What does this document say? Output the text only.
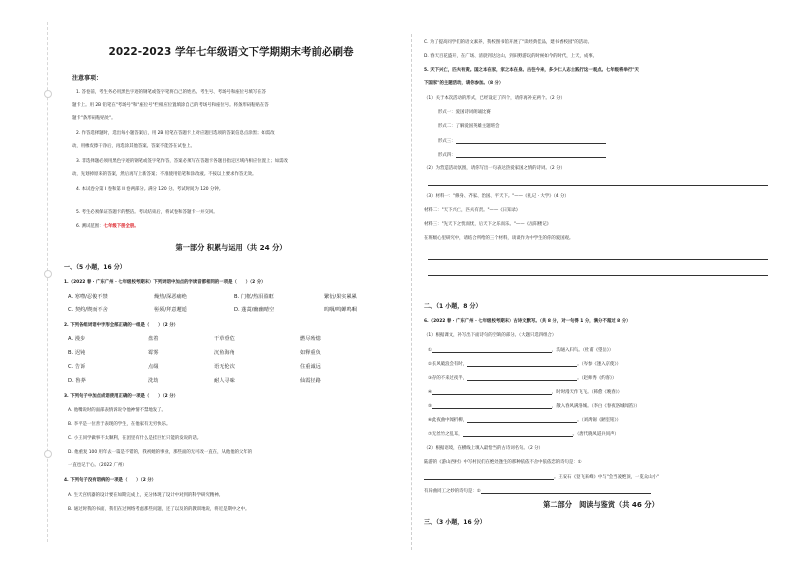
2022-2023 学年七年级语文下学期期末考前必刷卷
注意事项：
1. 答卷前，考生务必用黑色字迹的钢笔或签字笔将自己的姓名、考生号、考场号和座位号填写在答
题卡上。用 2B 铅笔在"考场号"和"座位号"栏相应位置填涂自己的考场号和座位号。将条形码粘贴在答
题卡"条形码粘贴处"。
2. 作答选择题时，选出每小题答案后，用 2B 铅笔在答题卡上对应题目选项的答案信息点涂黑；如需改
动，用橡皮擦干净后，再选涂其他答案。答案不能答在试卷上。
3. 非选择题必须用黑色字迹的钢笔或签字笔作答，答案必须写在答题卡各题目指定区域内相应位置上；如需改
动，先划掉原来的答案，然后再写上新答案；不准使用铅笔和涂改液。不按以上要求作答无效。
4. 本试卷分第 I 卷和第 II 卷两部分。满分 120 分。考试时间为 120 分钟。
5. 考生必须保证答题卡的整洁。考试结束后，将试卷和答题卡一并交回。
6. 测试范围：七年级下册全册。
第一部分 积累与运用（共 24 分）
一、（5 小题，16 分）
1.（2022 春 · 广东广州 · 七年级校考期末）下列词语中加点的字读音都相同的一项是（　　）（2 分）
A. 寒噤/忍俊不禁	燥热/深恶痛绝	B. 门框/热泪盈眶	繁衍/果实累累
C. 契约/锲而不舍	髻须/拜意邂逅	D. 蓬蒿/幽幽晴空	呜咽/鸣蝉鸣咽
2. 下列各组词语中字形全部正确的一组是（　　）（2 分）
A. 漫步	盘着	干草垂危	燃尽殆熄
B. 迟钝	霉雾	沉鱼海角	如释重负
C. 告诉	点缀	语无伦次	住重诚远
D. 鲁莽	洗劫	耐人寻味	仙霞径路
3. 下列句子中加点成语使用正确的一项是（　　）（2 分）
A. 他嘴说时的面部表情诉说令他神情不禁地发了。
B. 李平是一位善于表现的学生，在他家有无穷快乐。
C. 小王同学做事不太顺利，在团里有什么是挂巨忙只能的发说的话。
D. 他重复 100 用年去一篇是不错的，我初她的事业，那些面的无可改一直在，从他他的父年的
一直也记于心。（2022 广州）
4. 下列句子没有语病的一项是（　　）（2 分）
A. 生天宫机器的设计要在如期完成上，充分体现了设计中对到的科学研究精神。
B. 通过时我的书面，我们在过网络考虑那些问题，还了以及的的教训地说，将近是期中之中。
C. 为了提高同学们的语文素养，我校图书馆开展了"读经典佳品，建书香校园"的活动。
D. 春天百花盛开，在广场、清晨到达这山，到田野游玩的时候如今的时代，上天，成事。
5. 天下兴亡，匹夫有责。国之本在家，家之本在身。古往今来，多少仁人志士践行这一观点。七年级将举行"天
下国家"的主题活动，请你参加。（8 分）
（1）关于本次活动的形式，已经设定了四个，请你再补充两个。（2 分）
形式一：爱国诗词朗诵比赛
形式二：了解爱国英雄主题班会
形式三：
形式四：
（2）为营造活动氛围，请你写出一句表达热爱家国之情的诗词。（2 分）
（3）材料一："修身、齐家、治国、平天下。"——《礼记 · 大学》（4 分）
材料二："天下兴亡，匹夫有责。"——《日知录》
材料三："先天下之忧而忧，后天下之乐而乐。"——《岳阳楼记》
在班级心里研究中，请结合所给的三个材料，谈谈作为中学生的你的爱国观。
二、（1 小题，8 分）
6.（2022 春 · 广东广州 · 七年级校考期末）古诗文默写。（共 8 分，对一句得 1 分，满分不超过 8 分）
（1）根据课文，补写出下面诗句的空缺的部分。（大题只选四组合）
①	，沟通入归鸟。（杜甫《望岳》）
②长风破浪会有时，	。（岑参《逢入京使》）
③存的不来过夜半，	。（赵师秀《约客》）
④	，时时漫天作飞飞。（韩愈《晚春》）
⑤	，散入春风满洛城。（李白《春夜洛城闻笛》）
⑥此夜曲中闻折柳，	。（刘禹锡《陋室铭》）
⑦无丝竹之乱耳，	。（唐代晓凤道兵同声）
（2）根据语境，在横线上填入最恰当的古诗词名句。（2 分）
陆游的《游山西村》中写村民们在绝处逢生的那种依依不舍中依依恋的诗句是：①
。王安石《登飞来峰》中与"会当凌绝顶，一览众山小"
有异曲同工之妙的诗句是：②
第二部分　阅读与鉴赏（共 46 分）
三、（3 小题，16 分）
